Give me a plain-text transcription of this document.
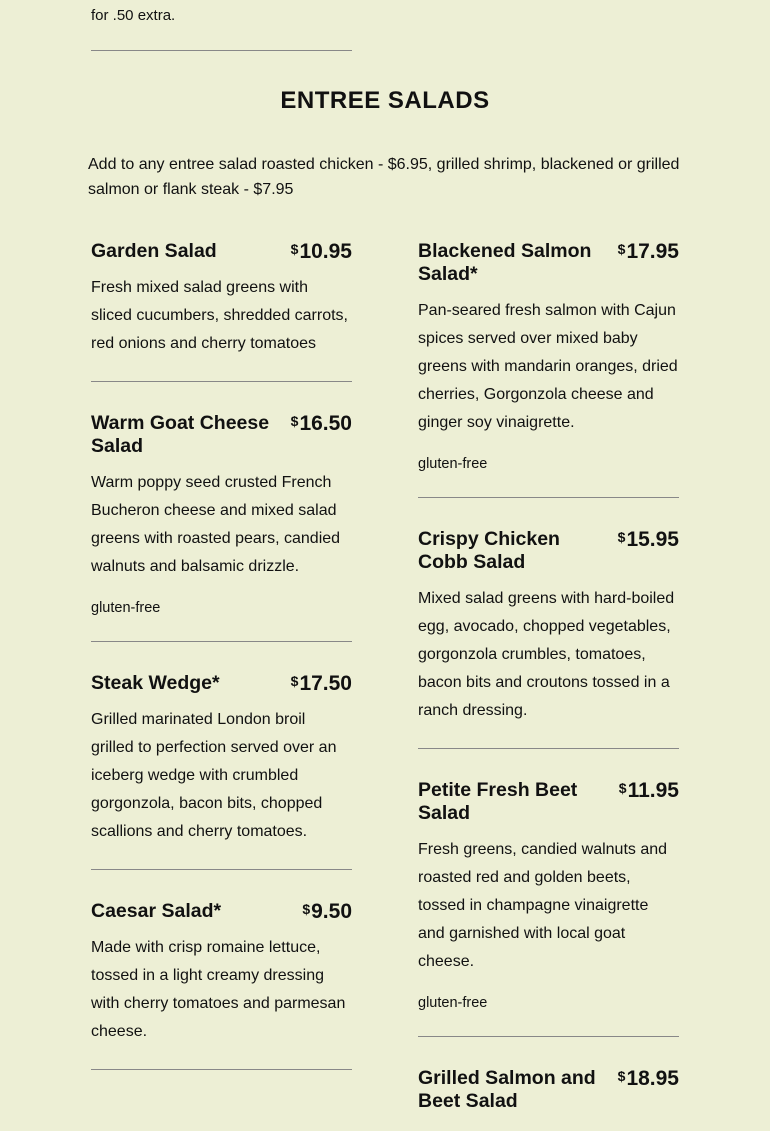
for .50 extra.
ENTREE SALADS

Add to any entree salad roasted chicken - $6.95, grilled shrimp, blackened or grilled salmon or flank steak - $7.95

Garden Salad	$10.95
Fresh mixed salad greens with sliced cucumbers, shredded carrots, red onions and cherry tomatoes
Warm Goat Cheese Salad
$16.50
Warm poppy seed crusted French Bucheron cheese and mixed salad greens with roasted pears, candied walnuts and balsamic drizzle.
gluten-free
Steak Wedge*	$17.50
Grilled marinated London broil grilled to perfection served over an iceberg wedge with crumbled gorgonzola, bacon bits, chopped scallions and cherry tomatoes.
Caesar Salad*	$9.50
Made with crisp romaine lettuce, tossed in a light creamy dressing with cherry tomatoes and parmesan cheese.
Blackened Salmon Salad*
$17.95
Pan-seared fresh salmon with Cajun spices served over mixed baby greens with mandarin oranges, dried cherries, Gorgonzola cheese and ginger soy vinaigrette.
gluten-free
Crispy Chicken Cobb Salad
$15.95
Mixed salad greens with hard-boiled egg, avocado, chopped vegetables, gorgonzola crumbles, tomatoes, bacon bits and croutons tossed in a ranch dressing.
Petite Fresh Beet Salad
$11.95
Fresh greens, candied walnuts and roasted red and golden beets, tossed in champagne vinaigrette and garnished with local goat cheese.
gluten-free
Grilled Salmon and Beet Salad
$18.95
